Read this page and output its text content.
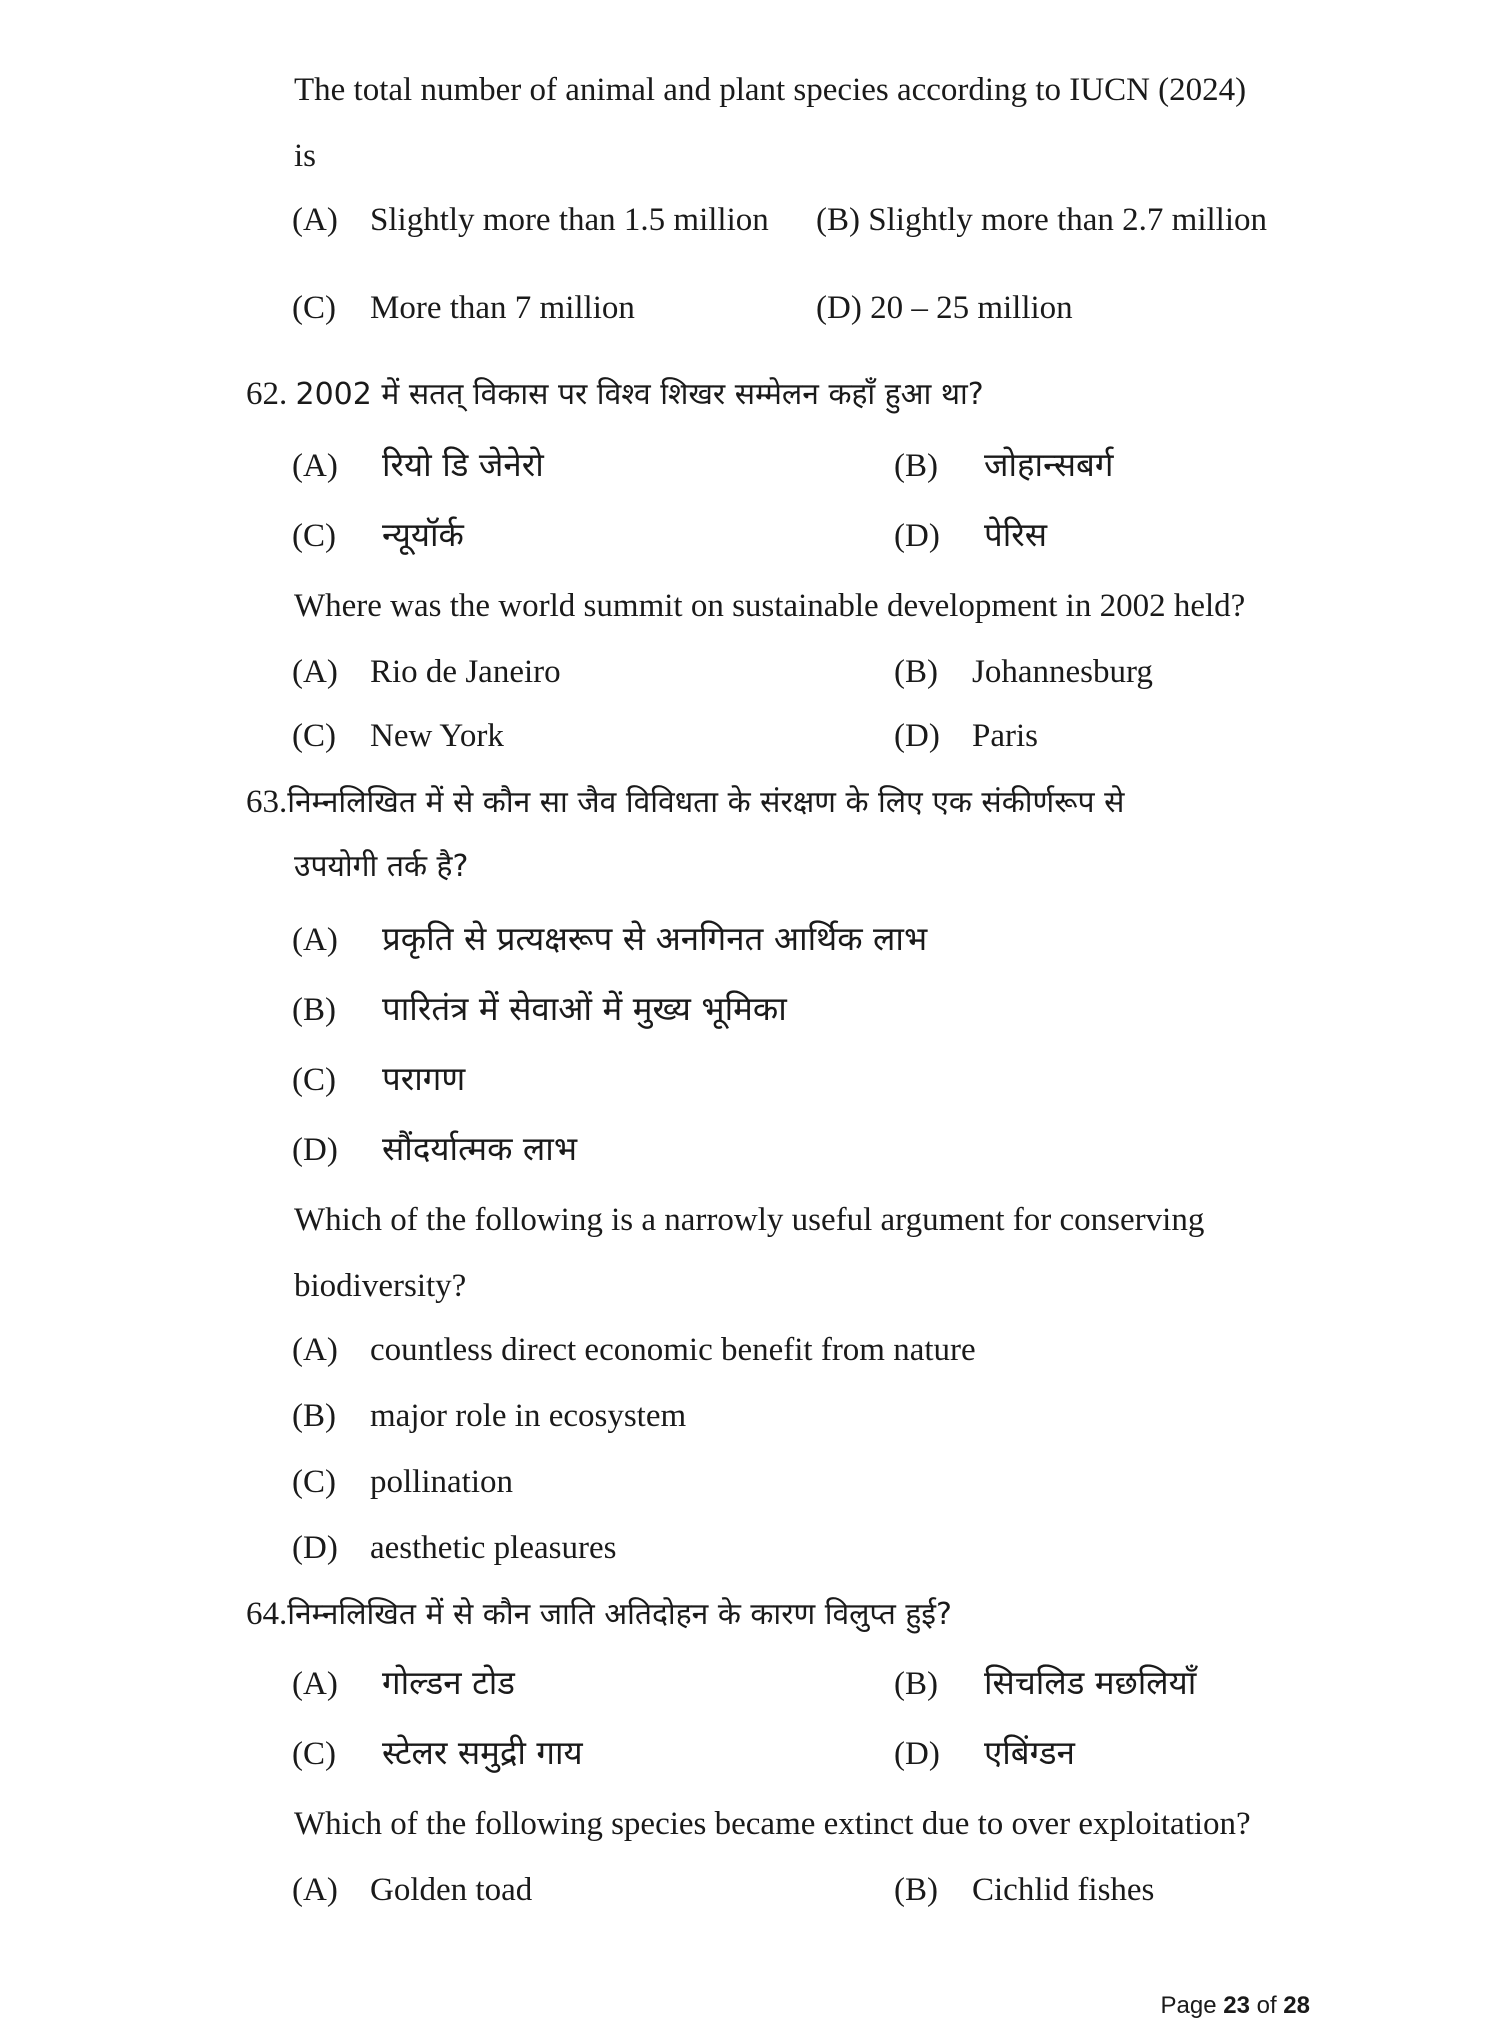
The total number of animal and plant species according to IUCN (2024)
is
(A) Slightly more than 1.5 million (B) Slightly more than 2.7 million
(C) More than 7 million	(D) 20 – 25 million
62. 2002 में सतत् विकास पर विश्व शिखर सम्मेलन कहाँ हुआ था?
(A) रियो डि जेनेरो	(B) जोहान्सबर्ग
(C) न्यूयॉर्क	(D) पेरिस
Where was the world summit on sustainable development in 2002 held?
(A) Rio de Janeiro	(B) Johannesburg
(C) New York	(D) Paris
63.निम्नलिखित में से कौन सा जैव विविधता के संरक्षण के लिए एक संकीर्णरूप से
उपयोगी तर्क है?
(A) प्रकृति से प्रत्यक्षरूप से अनगिनत आर्थिक लाभ
(B) पारितंत्र में सेवाओं में मुख्य भूमिका
(C) परागण
(D) सौंदर्यात्मक लाभ
Which of the following is a narrowly useful argument for conserving
biodiversity?
(A) countless direct economic benefit from nature
(B) major role in ecosystem
(C) pollination
(D) aesthetic pleasures
64.निम्नलिखित में से कौन जाति अतिदोहन के कारण विलुप्त हुई?
(A) गोल्डन टोड	(B) सिचलिड मछलियाँ
(C) स्टेलर समुद्री गाय	(D) एबिंग्डन
Which of the following species became extinct due to over exploitation?
(A) Golden toad	(B) Cichlid fishes
Page 23 of 28
